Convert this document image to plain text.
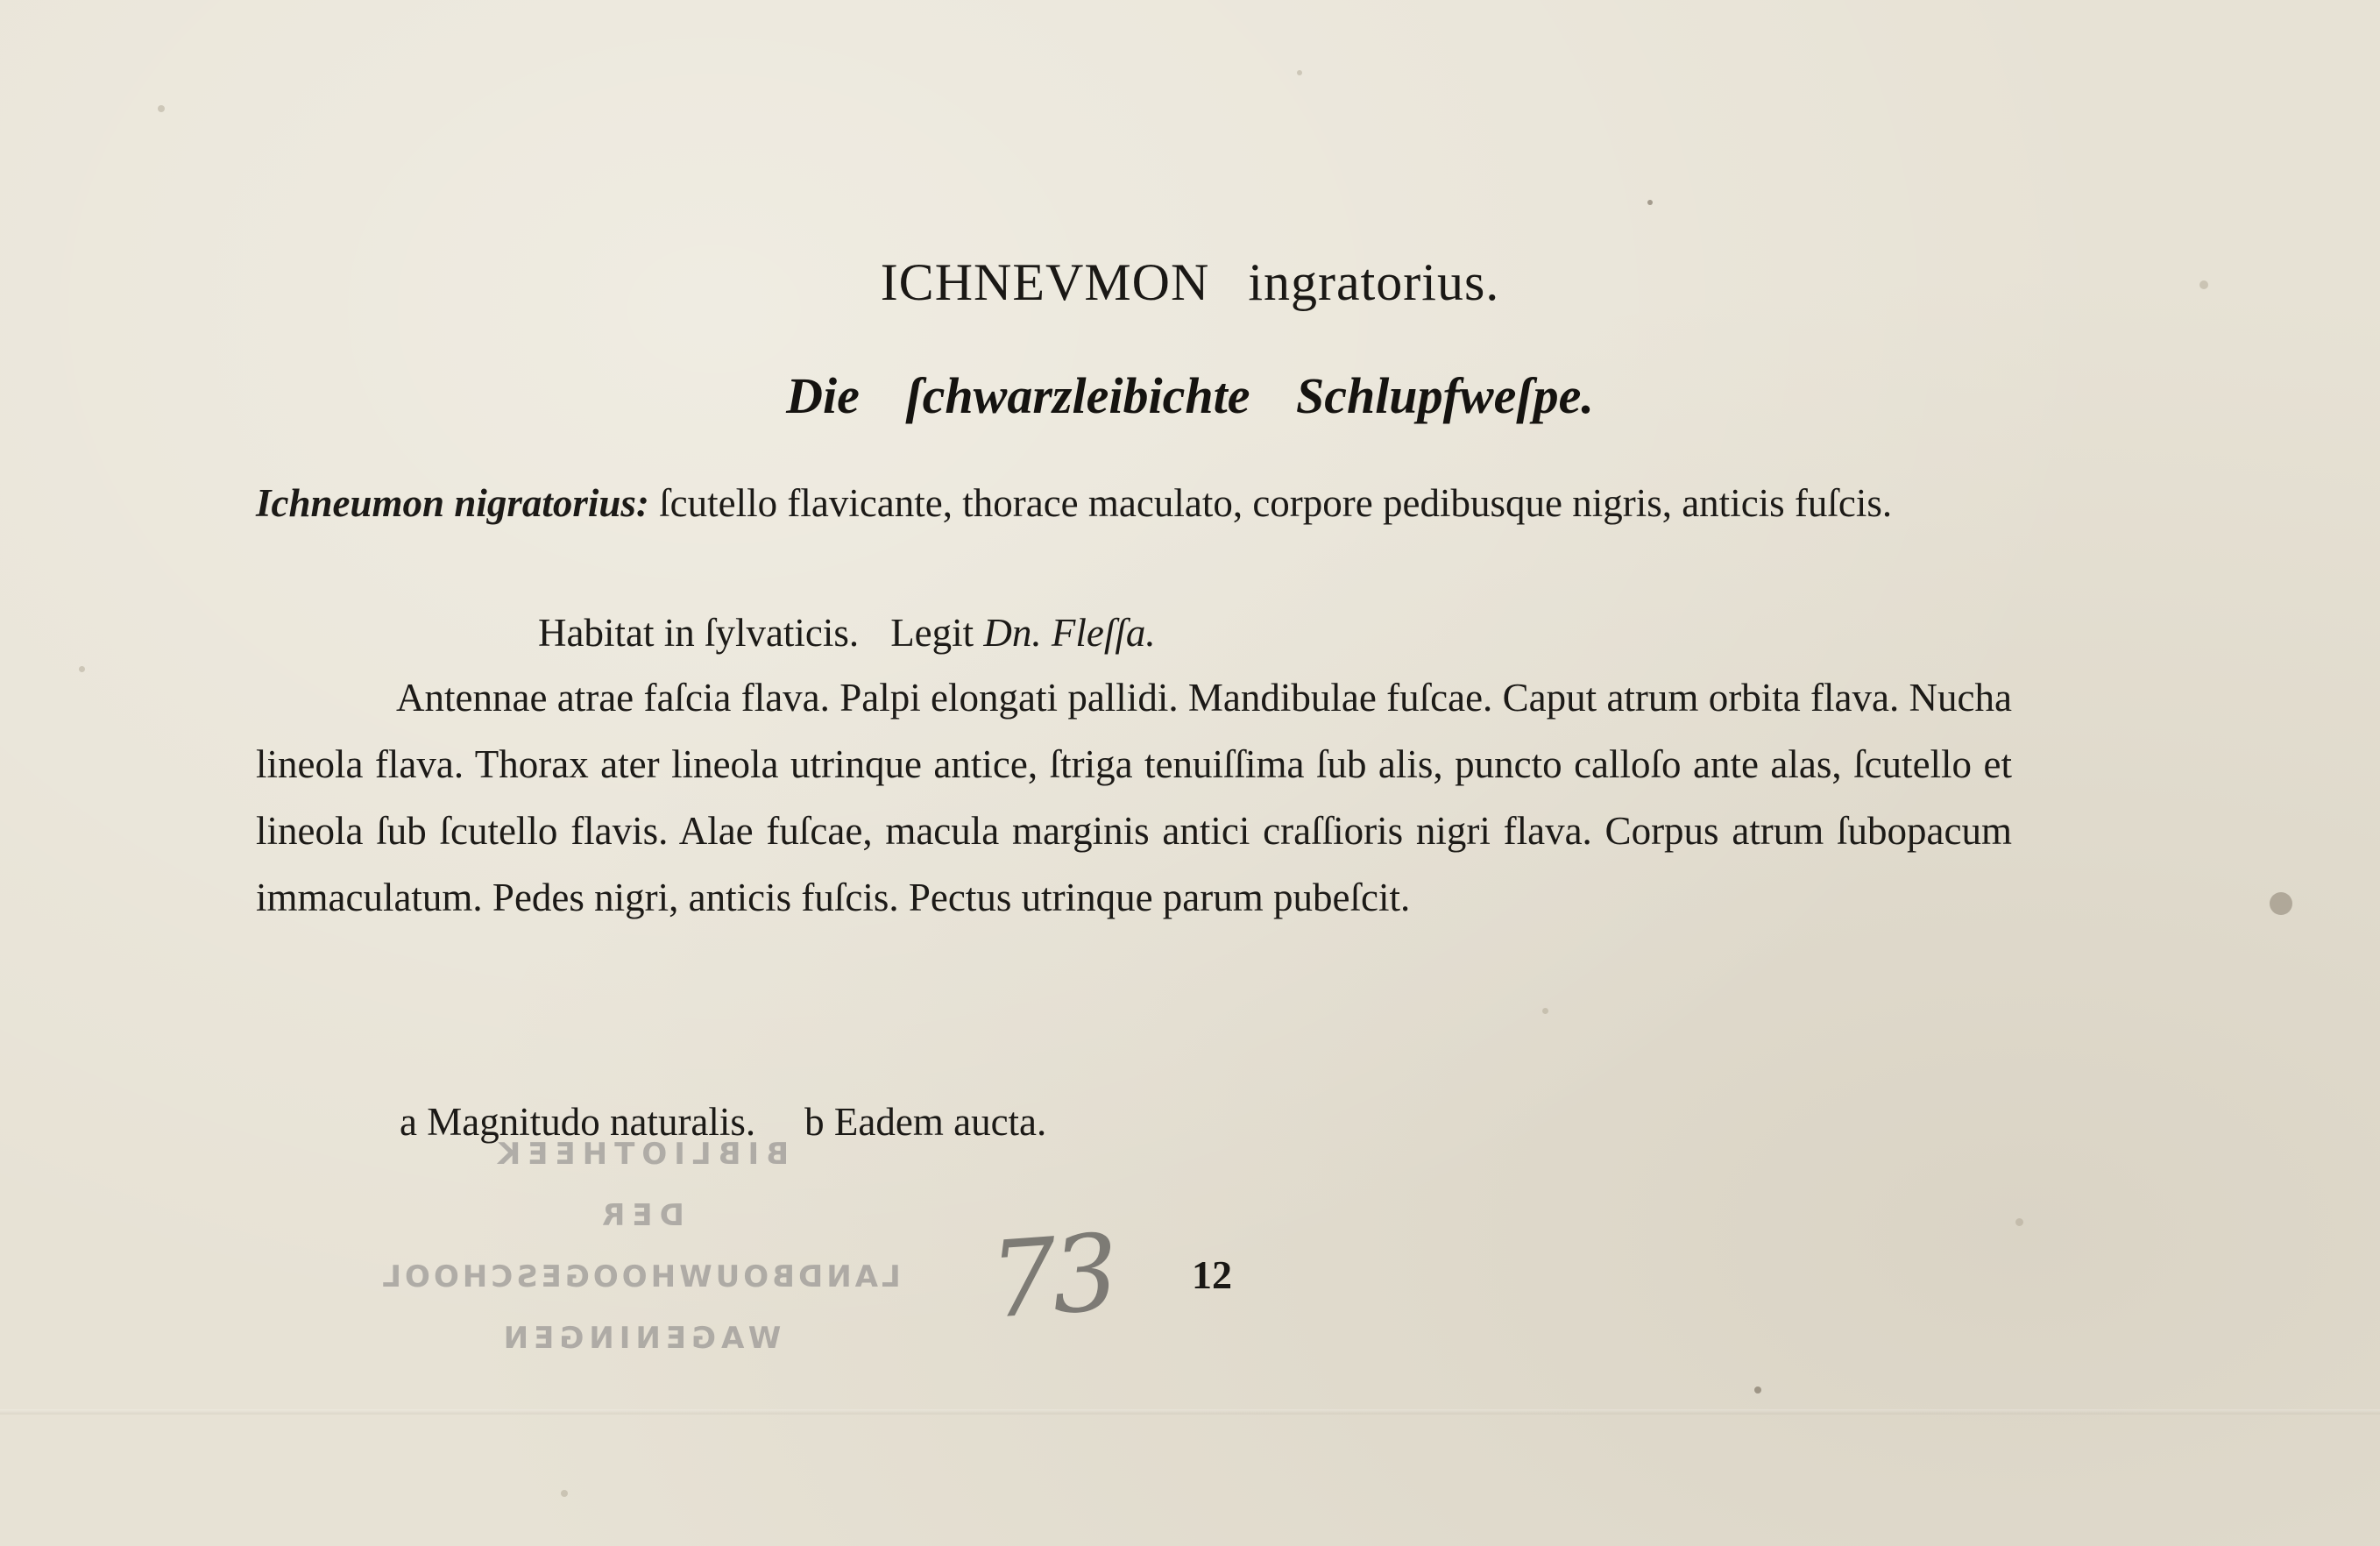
BIBLIOTHEEK
DER
LANDBOUWHOOGESCHOOL
WAGENINGEN
ICHNEVMON ingratorius.
Die ſchwarzleibichte Schlupfweſpe.
Ichneumon nigratorius: ſcutello flavicante, thorace maculato, corpore pedibusque nigris, anticis fuſcis.
Habitat in ſylvaticis. Legit Dn. Fleſſa.
Antennae atrae faſcia flava. Palpi elongati pallidi. Mandibulae fuſcae. Caput atrum orbita flava. Nucha lineola flava. Thorax ater lineola utrinque antice, ſtriga tenuiſſima ſub alis, puncto calloſo ante alas, ſcutello et lineola ſub ſcutello flavis. Alae fuſcae, macula marginis antici craſſioris nigri flava. Corpus atrum ſubopacum immaculatum. Pedes nigri, anticis fuſcis. Pectus utrinque parum pubeſcit.
a Magnitudo naturalis. b Eadem aucta.
73 12
